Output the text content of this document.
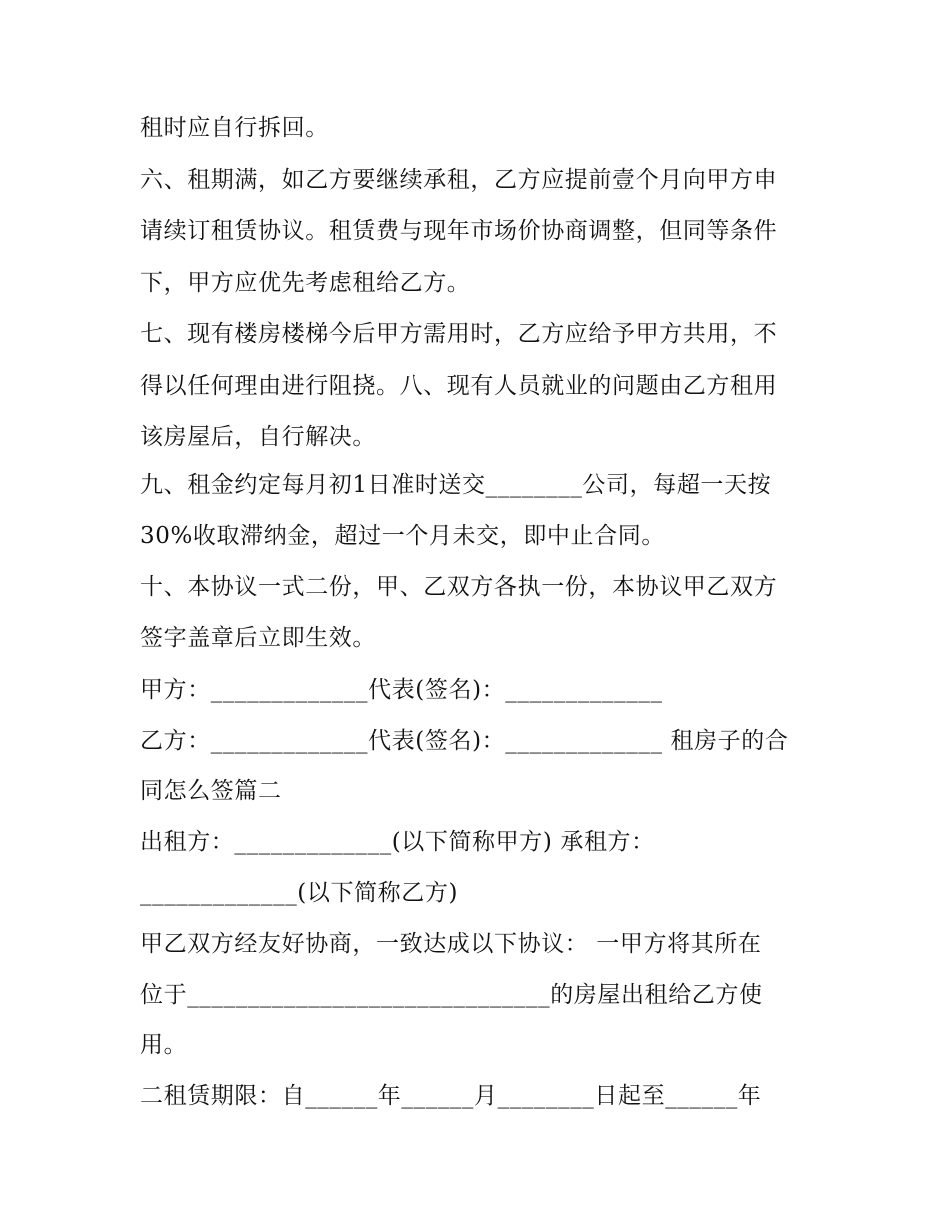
租时应自行拆回。
六、租期满，如乙方要继续承租，乙方应提前壹个月向甲方申
请续订租赁协议。租赁费与现年市场价协商调整，但同等条件
下，甲方应优先考虑租给乙方。
七、现有楼房楼梯今后甲方需用时，乙方应给予甲方共用，不
得以任何理由进行阻挠。八、现有人员就业的问题由乙方租用
该房屋后，自行解决。
九、租金约定每月初1日准时送交________公司，每超一天按
30%收取滞纳金，超过一个月未交，即中止合同。
十、本协议一式二份，甲、乙双方各执一份，本协议甲乙双方
签字盖章后立即生效。
甲方：_____________代表(签名)：_____________
乙方：_____________代表(签名)：_____________ 租房子的合
同怎么签篇二
出租方：_____________(以下简称甲方) 承租方：
_____________(以下简称乙方)
甲乙双方经友好协商，一致达成以下协议： 一甲方将其所在
位于______________________________的房屋出租给乙方使
用。
二租赁期限：自______年______月________日起至______年
